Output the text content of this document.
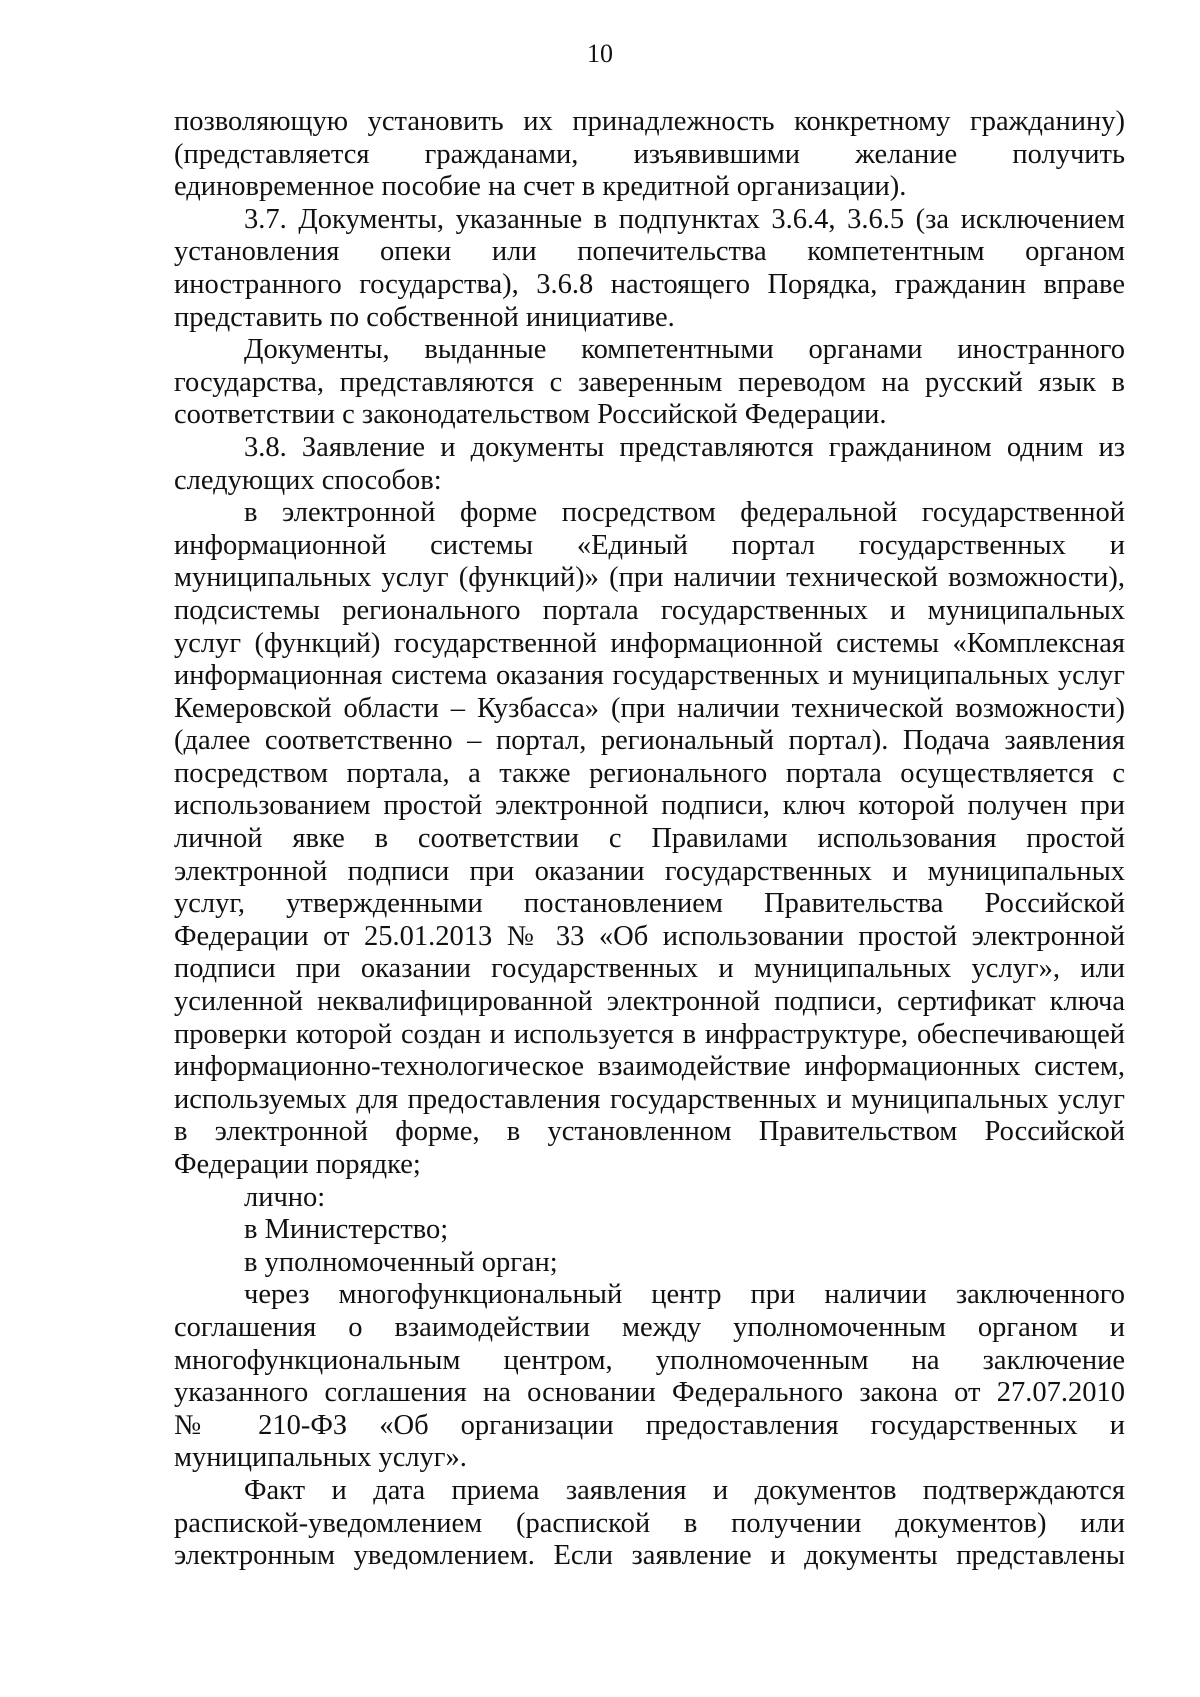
10
позволяющую установить их принадлежность конкретному гражданину)
(представляется гражданами, изъявившими желание получить
единовременное пособие на счет в кредитной организации).
3.7. Документы, указанные в подпунктах 3.6.4, 3.6.5 (за исключением
установления опеки или попечительства компетентным органом
иностранного государства), 3.6.8 настоящего Порядка, гражданин вправе
представить по собственной инициативе.
Документы, выданные компетентными органами иностранного
государства, представляются с заверенным переводом на русский язык в
соответствии с законодательством Российской Федерации.
3.8. Заявление и документы представляются гражданином одним из
следующих способов:
в электронной форме посредством федеральной государственной
информационной системы «Единый портал государственных и
муниципальных услуг (функций)» (при наличии технической возможности),
подсистемы регионального портала государственных и муниципальных
услуг (функций) государственной информационной системы «Комплексная
информационная система оказания государственных и муниципальных услуг
Кемеровской области – Кузбасса» (при наличии технической возможности)
(далее соответственно – портал, региональный портал). Подача заявления
посредством портала, а также регионального портала осуществляется с
использованием простой электронной подписи, ключ которой получен при
личной явке в соответствии с Правилами использования простой
электронной подписи при оказании государственных и муниципальных
услуг, утвержденными постановлением Правительства Российской
Федерации от 25.01.2013 № 33 «Об использовании простой электронной
подписи при оказании государственных и муниципальных услуг», или
усиленной неквалифицированной электронной подписи, сертификат ключа
проверки которой создан и используется в инфраструктуре, обеспечивающей
информационно-технологическое взаимодействие информационных систем,
используемых для предоставления государственных и муниципальных услуг
в электронной форме, в установленном Правительством Российской
Федерации порядке;
лично:
в Министерство;
в уполномоченный орган;
через многофункциональный центр при наличии заключенного
соглашения о взаимодействии между уполномоченным органом и
многофункциональным центром, уполномоченным на заключение
указанного соглашения на основании Федерального закона от 27.07.2010
№ 210-ФЗ «Об организации предоставления государственных и
муниципальных услуг».
Факт и дата приема заявления и документов подтверждаются
распиской-уведомлением (распиской в получении документов) или
электронным уведомлением. Если заявление и документы представлены
